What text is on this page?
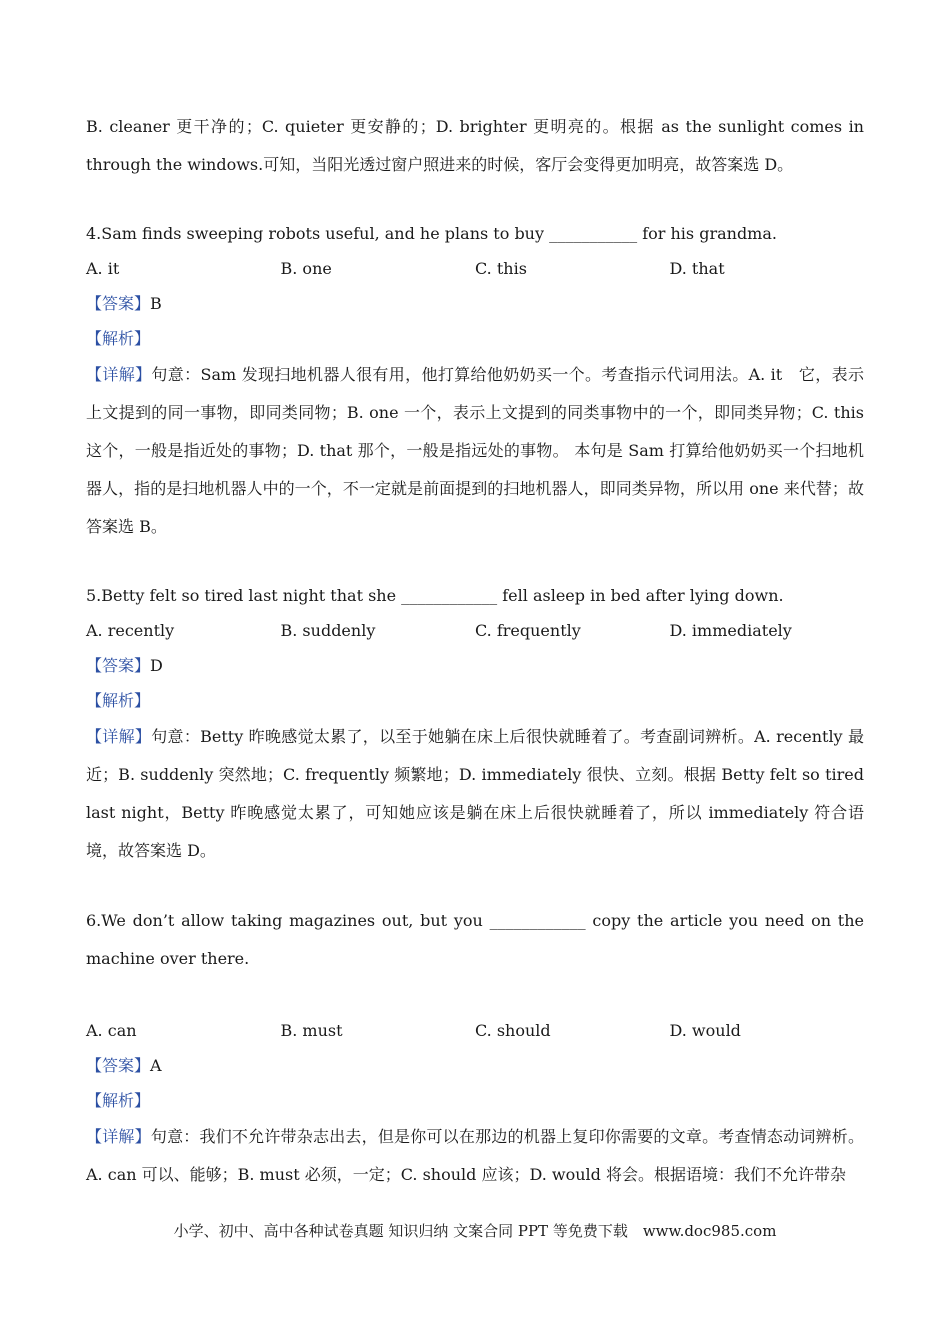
B. cleaner 更干净的；C. quieter 更安静的；D. brighter 更明亮的。根据 as the sunlight comes in through the windows.可知，当阳光透过窗户照进来的时候，客厅会变得更加明亮，故答案选 D。

4.Sam finds sweeping robots useful, and he plans to buy ___________ for his grandma.

A. it	B. one	C. this	D. that

【答案】B

【解析】

【详解】句意：Sam 发现扫地机器人很有用，他打算给他奶奶买一个。考查指示代词用法。A. it　它，表示上文提到的同一事物，即同类同物；B. one 一个，表示上文提到的同类事物中的一个，即同类异物；C. this 这个，一般是指近处的事物；D. that 那个，一般是指远处的事物。 本句是 Sam 打算给他奶奶买一个扫地机器人，指的是扫地机器人中的一个，不一定就是前面提到的扫地机器人，即同类异物，所以用 one 来代替；故答案选 B。

5.Betty felt so tired last night that she ____________ fell asleep in bed after lying down.

A. recently	B. suddenly	C. frequently	D. immediately

【答案】D

【解析】

【详解】句意：Betty 昨晚感觉太累了，以至于她躺在床上后很快就睡着了。考查副词辨析。A. recently 最近；B. suddenly 突然地；C. frequently 频繁地；D. immediately 很快、立刻。根据 Betty felt so tired last night，Betty 昨晚感觉太累了，可知她应该是躺在床上后很快就睡着了，所以 immediately 符合语境，故答案选 D。

6.We don’t allow taking magazines out, but you ____________ copy the article you need on the machine over there.

A. can	B. must	C. should	D. would

【答案】A

【解析】

【详解】句意：我们不允许带杂志出去，但是你可以在那边的机器上复印你需要的文章。考查情态动词辨析。A. can 可以、能够；B. must 必须，一定；C. should 应该；D. would 将会。根据语境：我们不允许带杂

小学、初中、高中各种试卷真题 知识归纳 文案合同 PPT 等免费下载　www.doc985.com
